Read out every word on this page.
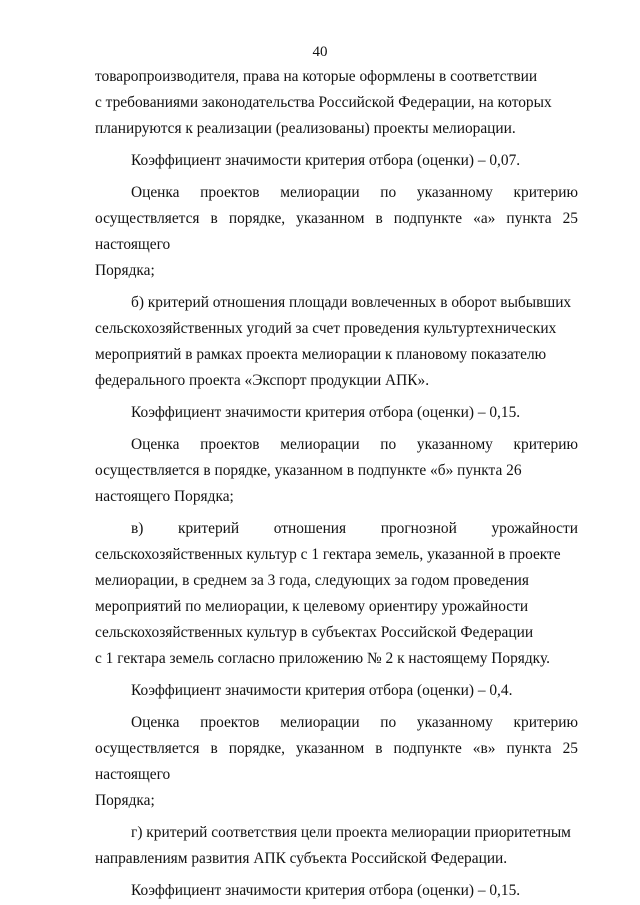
40
товаропроизводителя, права на которые оформлены в соответствии
с требованиями законодательства Российской Федерации, на которых
планируются к реализации (реализованы) проекты мелиорации.
Коэффициент значимости критерия отбора (оценки) – 0,07.
Оценка проектов мелиорации по указанному критерию
осуществляется в порядке, указанном в подпункте «а» пункта 25 настоящего
Порядка;
б) критерий отношения площади вовлеченных в оборот выбывших
сельскохозяйственных угодий за счет проведения культуртехнических
мероприятий в рамках проекта мелиорации к плановому показателю
федерального проекта «Экспорт продукции АПК».
Коэффициент значимости критерия отбора (оценки) – 0,15.
Оценка проектов мелиорации по указанному критерию
осуществляется в порядке, указанном в подпункте «б» пункта 26
настоящего Порядка;
в) критерий отношения прогнозной урожайности
сельскохозяйственных культур с 1 гектара земель, указанной в проекте
мелиорации, в среднем за 3 года, следующих за годом проведения
мероприятий по мелиорации, к целевому ориентиру урожайности
сельскохозяйственных культур в субъектах Российской Федерации
с 1 гектара земель согласно приложению № 2 к настоящему Порядку.
Коэффициент значимости критерия отбора (оценки) – 0,4.
Оценка проектов мелиорации по указанному критерию
осуществляется в порядке, указанном в подпункте «в» пункта 25 настоящего
Порядка;
г) критерий соответствия цели проекта мелиорации приоритетным
направлениям развития АПК субъекта Российской Федерации.
Коэффициент значимости критерия отбора (оценки) – 0,15.
